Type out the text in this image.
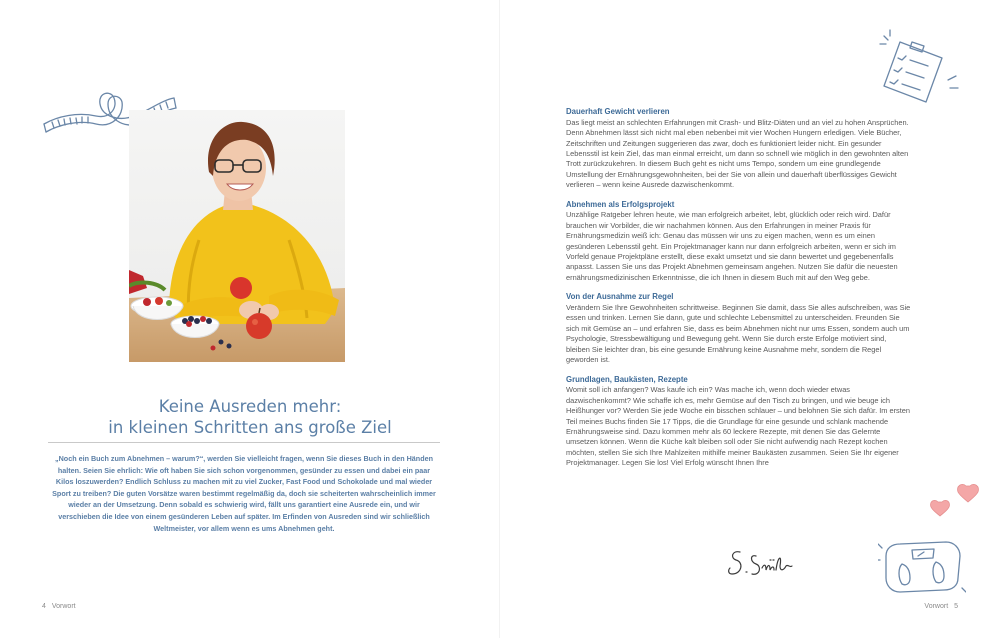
Keine Ausreden mehr:
in kleinen Schritten ans große Ziel

„Noch ein Buch zum Abnehmen – warum?“, werden Sie vielleicht fragen, wenn Sie dieses Buch in den Händen halten. Seien Sie ehrlich: Wie oft haben Sie sich schon vorgenommen, gesünder zu essen und dabei ein paar Kilos loszuwerden? Endlich Schluss zu machen mit zu viel Zucker, Fast Food und Schokolade und mal wieder Sport zu treiben? Die guten Vorsätze waren bestimmt regelmäßig da, doch sie scheiterten wahrscheinlich immer wieder an der Umsetzung. Denn sobald es schwierig wird, fällt uns garantiert eine Ausrede ein, und wir verschieben die Idee von einem gesünderen Leben auf später. Im Erfinden von Ausreden sind wir schließlich Weltmeister, vor allem wenn es ums Abnehmen geht.

4 Vorwort
Dauerhaft Gewicht verlieren

Das liegt meist an schlechten Erfahrungen mit Crash- und Blitz-Diäten und an viel zu hohen Ansprüchen. Denn Abnehmen lässt sich nicht mal eben nebenbei mit vier Wochen Hungern erledigen. Viele Bücher, Zeitschriften und Zeitungen suggerieren das zwar, doch es funktioniert leider nicht. Ein gesunder Lebensstil ist kein Ziel, das man einmal erreicht, um dann so schnell wie möglich in den gewohnten alten Trott zurückzukehren. In diesem Buch geht es nicht ums Tempo, sondern um eine grundlegende Umstellung der Ernährungsgewohnheiten, bei der Sie von allein und dauerhaft überflüssiges Gewicht verlieren – wenn keine Ausrede dazwischenkommt.

Abnehmen als Erfolgsprojekt

Unzählige Ratgeber lehren heute, wie man erfolgreich arbeitet, lebt, glücklich oder reich wird. Dafür brauchen wir Vorbilder, die wir nachahmen können. Aus den Erfahrungen in meiner Praxis für Ernährungsmedizin weiß ich: Genau das müssen wir uns zu eigen machen, wenn es um einen gesünderen Lebensstil geht. Ein Projektmanager kann nur dann erfolgreich arbeiten, wenn er sich im Vorfeld genaue Projektpläne erstellt, diese exakt umsetzt und sie dann bewertet und gegebenenfalls anpasst. Lassen Sie uns das Projekt Abnehmen gemeinsam angehen. Nutzen Sie dafür die neuesten ernährungsmedizinischen Erkenntnisse, die ich Ihnen in diesem Buch mit auf den Weg gebe.

Von der Ausnahme zur Regel

Verändern Sie Ihre Gewohnheiten schrittweise. Beginnen Sie damit, dass Sie alles aufschreiben, was Sie essen und trinken. Lernen Sie dann, gute und schlechte Lebensmittel zu unterscheiden. Freunden Sie sich mit Gemüse an – und erfahren Sie, dass es beim Abnehmen nicht nur ums Essen, sondern auch um Psychologie, Stressbewältigung und Bewegung geht. Wenn Sie durch erste Erfolge motiviert sind, bleiben Sie leichter dran, bis eine gesunde Ernährung keine Ausnahme mehr, sondern die Regel geworden ist.

Grundlagen, Baukästen, Rezepte

Womit soll ich anfangen? Was kaufe ich ein? Was mache ich, wenn doch wieder etwas dazwischenkommt? Wie schaffe ich es, mehr Gemüse auf den Tisch zu bringen, und wie beuge ich Heißhunger vor? Werden Sie jede Woche ein bisschen schlauer – und belohnen Sie sich dafür. Im ersten Teil meines Buchs finden Sie 17 Tipps, die die Grundlage für eine gesunde und schlank machende Ernährungsweise sind. Dazu kommen mehr als 60 leckere Rezepte, mit denen Sie das Gelernte umsetzen können. Wenn die Küche kalt bleiben soll oder Sie nicht aufwendig nach Rezept kochen möchten, stellen Sie sich Ihre Mahlzeiten mithilfe meiner Baukästen zusammen. Seien Sie Ihr eigener Projektmanager. Legen Sie los! Viel Erfolg wünscht Ihnen Ihre

Vorwort 5
